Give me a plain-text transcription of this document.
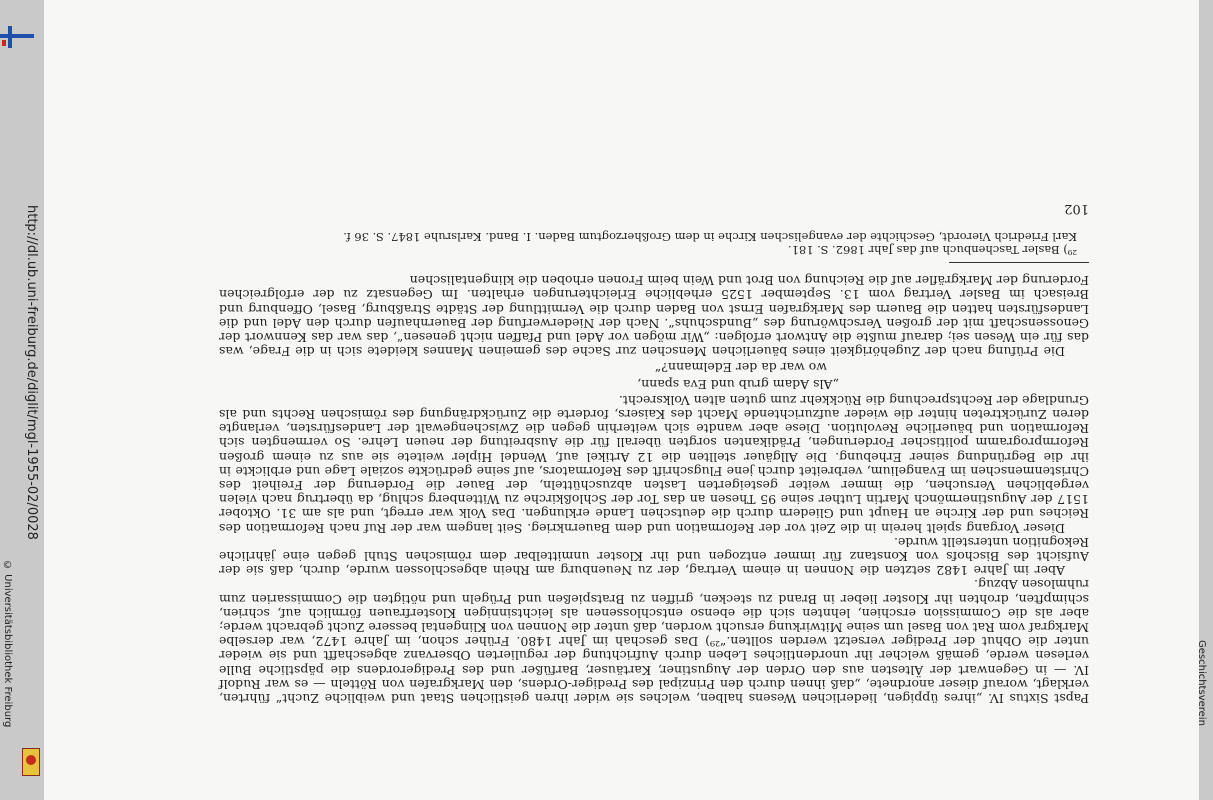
http://dl.ub.uni-freiburg.de/diglit/mgl-1955-02/0028
© Universitätsbibliothek Freiburg	Papst Sixtus IV. „ihres üppigen, liederlichen Wesens halben, welches sie wider ihren geistlichen Staat und weibliche Zucht“ führten, verklagt, worauf dieser anordnete, „daß ihnen durch den Prinzipal des Prediger-Ordens, den Markgrafen von Rötteln — es war Rudolf IV. — in Gegenwart der Ältesten aus den Orden der Augustiner, Kartäuser, Barfüßer und des Predigerordens die päpstliche Bulle verlesen werde, gemäß welcher ihr unordentliches Leben durch Aufrichtung der regulierten Observanz abgeschafft und sie wieder unter die Obhut der Prediger versetzt werden sollten.“²⁹) Das geschah im Jahr 1480. Früher schon, im Jahre 1472, war derselbe Markgraf vom Rat von Basel um seine Mitwirkung ersucht worden, daß unter die Nonnen von Klingental bessere Zucht gebracht werde; aber als die Commission erschien, lehnten sich die ebenso entschlossenen als leichtsinnigen Klosterfrauen förmlich auf, schrien, schimpften, drohten ihr Kloster lieber in Brand zu stecken, griffen zu Bratspießen und Prügeln und nötigten die Commissarien zum ruhmlosen Abzug.

Aber im Jahre 1482 setzten die Nonnen in einem Vertrag, der zu Neuenburg am Rhein abgeschlossen wurde, durch, daß sie der Aufsicht des Bischofs von Konstanz für immer entzogen und ihr Kloster unmittelbar dem römischen Stuhl gegen eine jährliche Rekognition unterstellt wurde.

Dieser Vorgang spielt herein in die Zeit vor der Reformation und dem Bauernkrieg. Seit langem war der Ruf nach Reformation des Reiches und der Kirche an Haupt und Gliedern durch die deutschen Lande erklungen. Das Volk war erregt, und als am 31. Oktober 1517 der Augustinermönch Martin Luther seine 95 Thesen an das Tor der Schloßkirche zu Wittenberg schlug, da übertrug nach vielen vergeblichen Versuchen, die immer weiter gesteigerten Lasten abzuschütteln, der Bauer die Forderung der Freiheit des Christenmenschen im Evangelium, verbreitet durch jene Flugschrift des Reformators, auf seine gedrückte soziale Lage und erblickte in ihr die Begründung seiner Erhebung. Die Allgäuer stellten die 12 Artikel auf, Wendel Hipler weitete sie aus zu einem großen Reformprogramm politischer Forderungen, Prädikanten sorgten überall für die Ausbreitung der neuen Lehre. So vermengten sich Reformation und bäuerliche Revolution. Diese aber wandte sich weiterhin gegen die Zwischengewalt der Landesfürsten, verlangte deren Zurücktreten hinter die wieder aufzurichtende Macht des Kaisers, forderte die Zurückdrängung des römischen Rechts und als Grundlage der Rechtsprechung die Rückkehr zum guten alten Volksrecht.

„Als Adam grub und Eva spann,

wo war da der Edelmann?“

Die Prüfung nach der Zugehörigkeit eines bäuerlichen Menschen zur Sache des gemeinen Mannes kleidete sich in die Frage, was das für ein Wesen sei; darauf mußte die Antwort erfolgen: „Wir mögen vor Adel und Pfaffen nicht genesen“, das war das Kennwort der Genossenschaft mit der großen Verschwörung des „Bundschuhs“. Nach der Niederwerfung der Bauernhaufen durch den Adel und die Landesfürsten hatten die Bauern des Markgrafen Ernst von Baden durch die Vermittlung der Städte Straßburg, Basel, Offenburg und Breisach im Basler Vertrag vom 13. September 1525 erhebliche Erleichterungen erhalten. Im Gegensatz zu der erfolgreichen Forderung der Markgräfler auf die Reichung von Brot und Wein beim Fronen erhoben die klingentalischen

²⁹) Basler Taschenbuch auf das Jahr 1862. S. 181.

Karl Friedrich Vierordt, Geschichte der evangelischen Kirche in dem Großherzogtum Baden. I. Band. Karlsruhe 1847. S. 36 f.

102
Geschichtsverein
